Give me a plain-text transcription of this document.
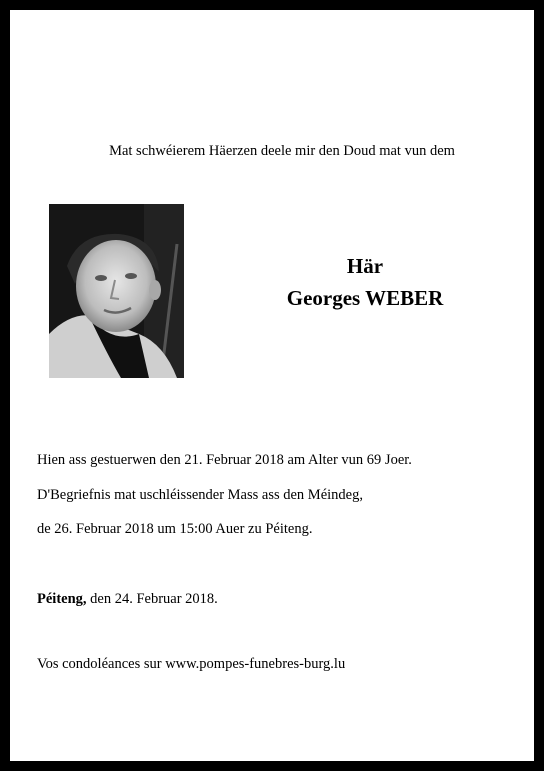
Mat schwéierem Häerzen deele mir den Doud mat vun dem
Här
Georges WEBER
Hien ass gestuerwen den 21. Februar 2018 am Alter vun 69 Joer.
D'Begriefnis mat uschléissender Mass ass den Méindeg,
de 26. Februar 2018 um 15:00 Auer zu Péiteng.
Péiteng, den 24. Februar 2018.
Vos condoléances sur www.pompes-funebres-burg.lu
